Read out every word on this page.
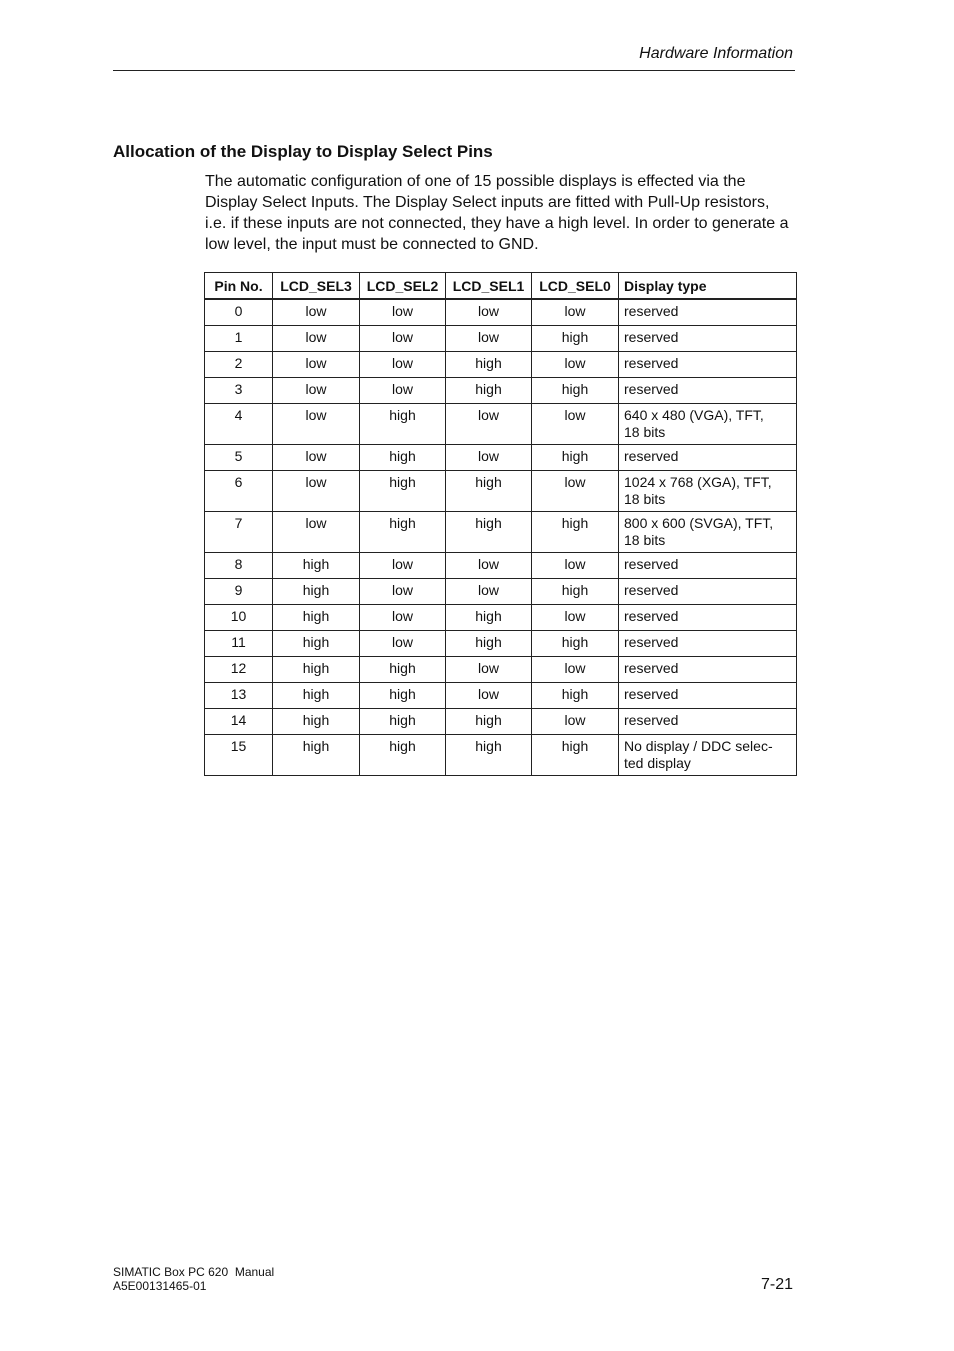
Hardware Information
Allocation of the Display to Display Select Pins

The automatic configuration of one of 15 possible displays is effected via the

Display Select Inputs. The Display Select inputs are fitted with Pull-Up resistors,

i.e. if these inputs are not connected, they have a high level. In order to generate a

low level, the input must be connected to GND.

Pin No.	LCD_SEL3	LCD_SEL2	LCD_SEL1	LCD_SEL0	Display type
0	low	low	low	low	reserved

1	low	low	low	high	reserved

2	low	low	high	low	reserved

3	low	low	high	high	reserved

4	low	high	low	low	640 x 480 (VGA), TFT,
18 bits

5	low	high	low	high	reserved

6	low	high	high	low	1024 x 768 (XGA), TFT,
18 bits

7	low	high	high	high	800 x 600 (SVGA), TFT,
18 bits

8	high	low	low	low	reserved

9	high	low	low	high	reserved

10	high	low	high	low	reserved

11	high	low	high	high	reserved

12	high	high	low	low	reserved

13	high	high	low	high	reserved

14	high	high	high	low	reserved

15	high	high	high	high	No display / DDC selec-
ted display
SIMATIC Box PC 620  Manual
A5E00131465-01	7-21
